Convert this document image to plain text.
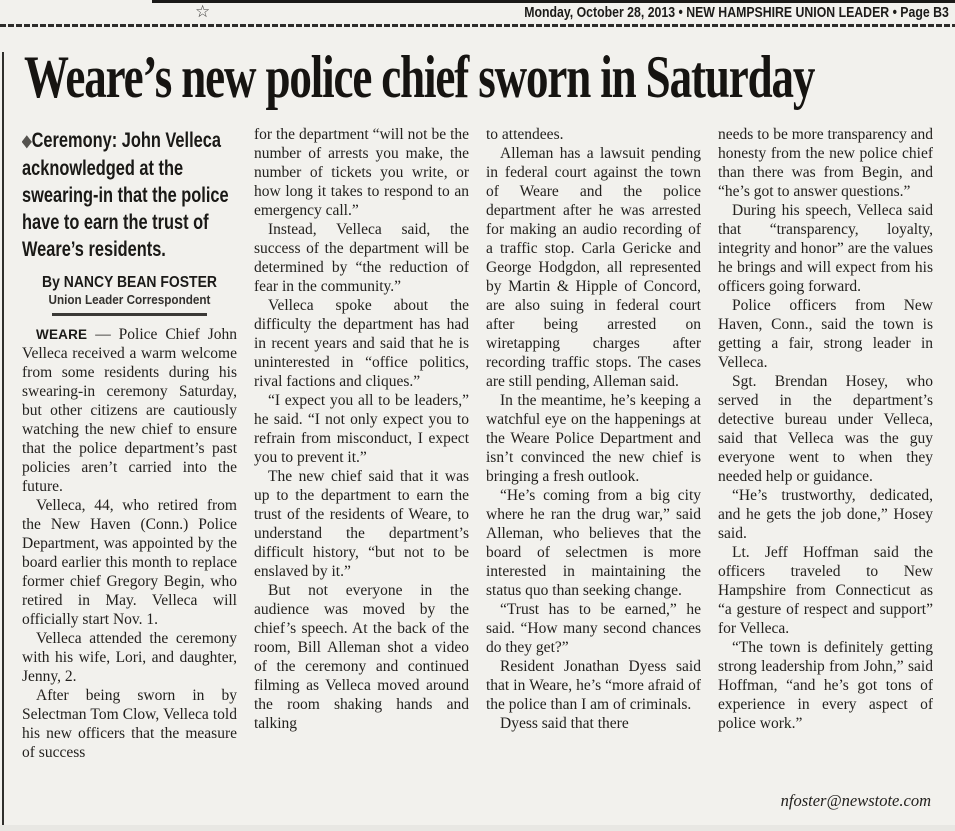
☆	Monday, October 28, 2013 • NEW HAMPSHIRE UNION LEADER • Page B3
Weare’s new police chief sworn in Saturday

◆Ceremony: John Velleca acknowledged at the swearing-in that the police have to earn the trust of Weare’s residents.

By NANCY BEAN FOSTER
Union Leader Correspondent

WEARE — Police Chief John Velleca received a warm welcome from some residents during his swearing-in ceremony Saturday, but other citizens are cautiously watching the new chief to ensure that the police department’s past policies aren’t carried into the future.

Velleca, 44, who retired from the New Haven (Conn.) Police Department, was appointed by the board earlier this month to replace former chief Gregory Begin, who retired in May. Velleca will officially start Nov. 1.

Velleca attended the ceremony with his wife, Lori, and daughter, Jenny, 2.

After being sworn in by Selectman Tom Clow, Velleca told his new officers that the measure of success

for the department “will not be the number of arrests you make, the number of tickets you write, or how long it takes to respond to an emergency call.”

Instead, Velleca said, the success of the department will be determined by “the reduction of fear in the community.”

Velleca spoke about the difficulty the department has had in recent years and said that he is uninterested in “office politics, rival factions and cliques.”

“I expect you all to be leaders,” he said. “I not only expect you to refrain from misconduct, I expect you to prevent it.”

The new chief said that it was up to the department to earn the trust of the residents of Weare, to understand the department’s difficult history, “but not to be enslaved by it.”

But not everyone in the audience was moved by the chief’s speech. At the back of the room, Bill Alleman shot a video of the ceremony and continued filming as Velleca moved around the room shaking hands and talking

to attendees.

Alleman has a lawsuit pending in federal court against the town of Weare and the police department after he was arrested for making an audio recording of a traffic stop. Carla Gericke and George Hodgdon, all represented by Martin & Hipple of Concord, are also suing in federal court after being arrested on wiretapping charges after recording traffic stops. The cases are still pending, Alleman said.

In the meantime, he’s keeping a watchful eye on the happenings at the Weare Police Department and isn’t convinced the new chief is bringing a fresh outlook.

“He’s coming from a big city where he ran the drug war,” said Alleman, who believes that the board of selectmen is more interested in maintaining the status quo than seeking change.

“Trust has to be earned,” he said. “How many second chances do they get?”

Resident Jonathan Dyess said that in Weare, he’s “more afraid of the police than I am of criminals.

Dyess said that there

needs to be more transparency and honesty from the new police chief than there was from Begin, and “he’s got to answer questions.”

During his speech, Velleca said that “transparency, loyalty, integrity and honor” are the values he brings and will expect from his officers going forward.

Police officers from New Haven, Conn., said the town is getting a fair, strong leader in Velleca.

Sgt. Brendan Hosey, who served in the department’s detective bureau under Velleca, said that Velleca was the guy everyone went to when they needed help or guidance.

“He’s trustworthy, dedicated, and he gets the job done,” Hosey said.

Lt. Jeff Hoffman said the officers traveled to New Hampshire from Connecticut as “a gesture of respect and support” for Velleca.

“The town is definitely getting strong leadership from John,” said Hoffman, “and he’s got tons of experience in every aspect of police work.”

nfoster@newstote.com
